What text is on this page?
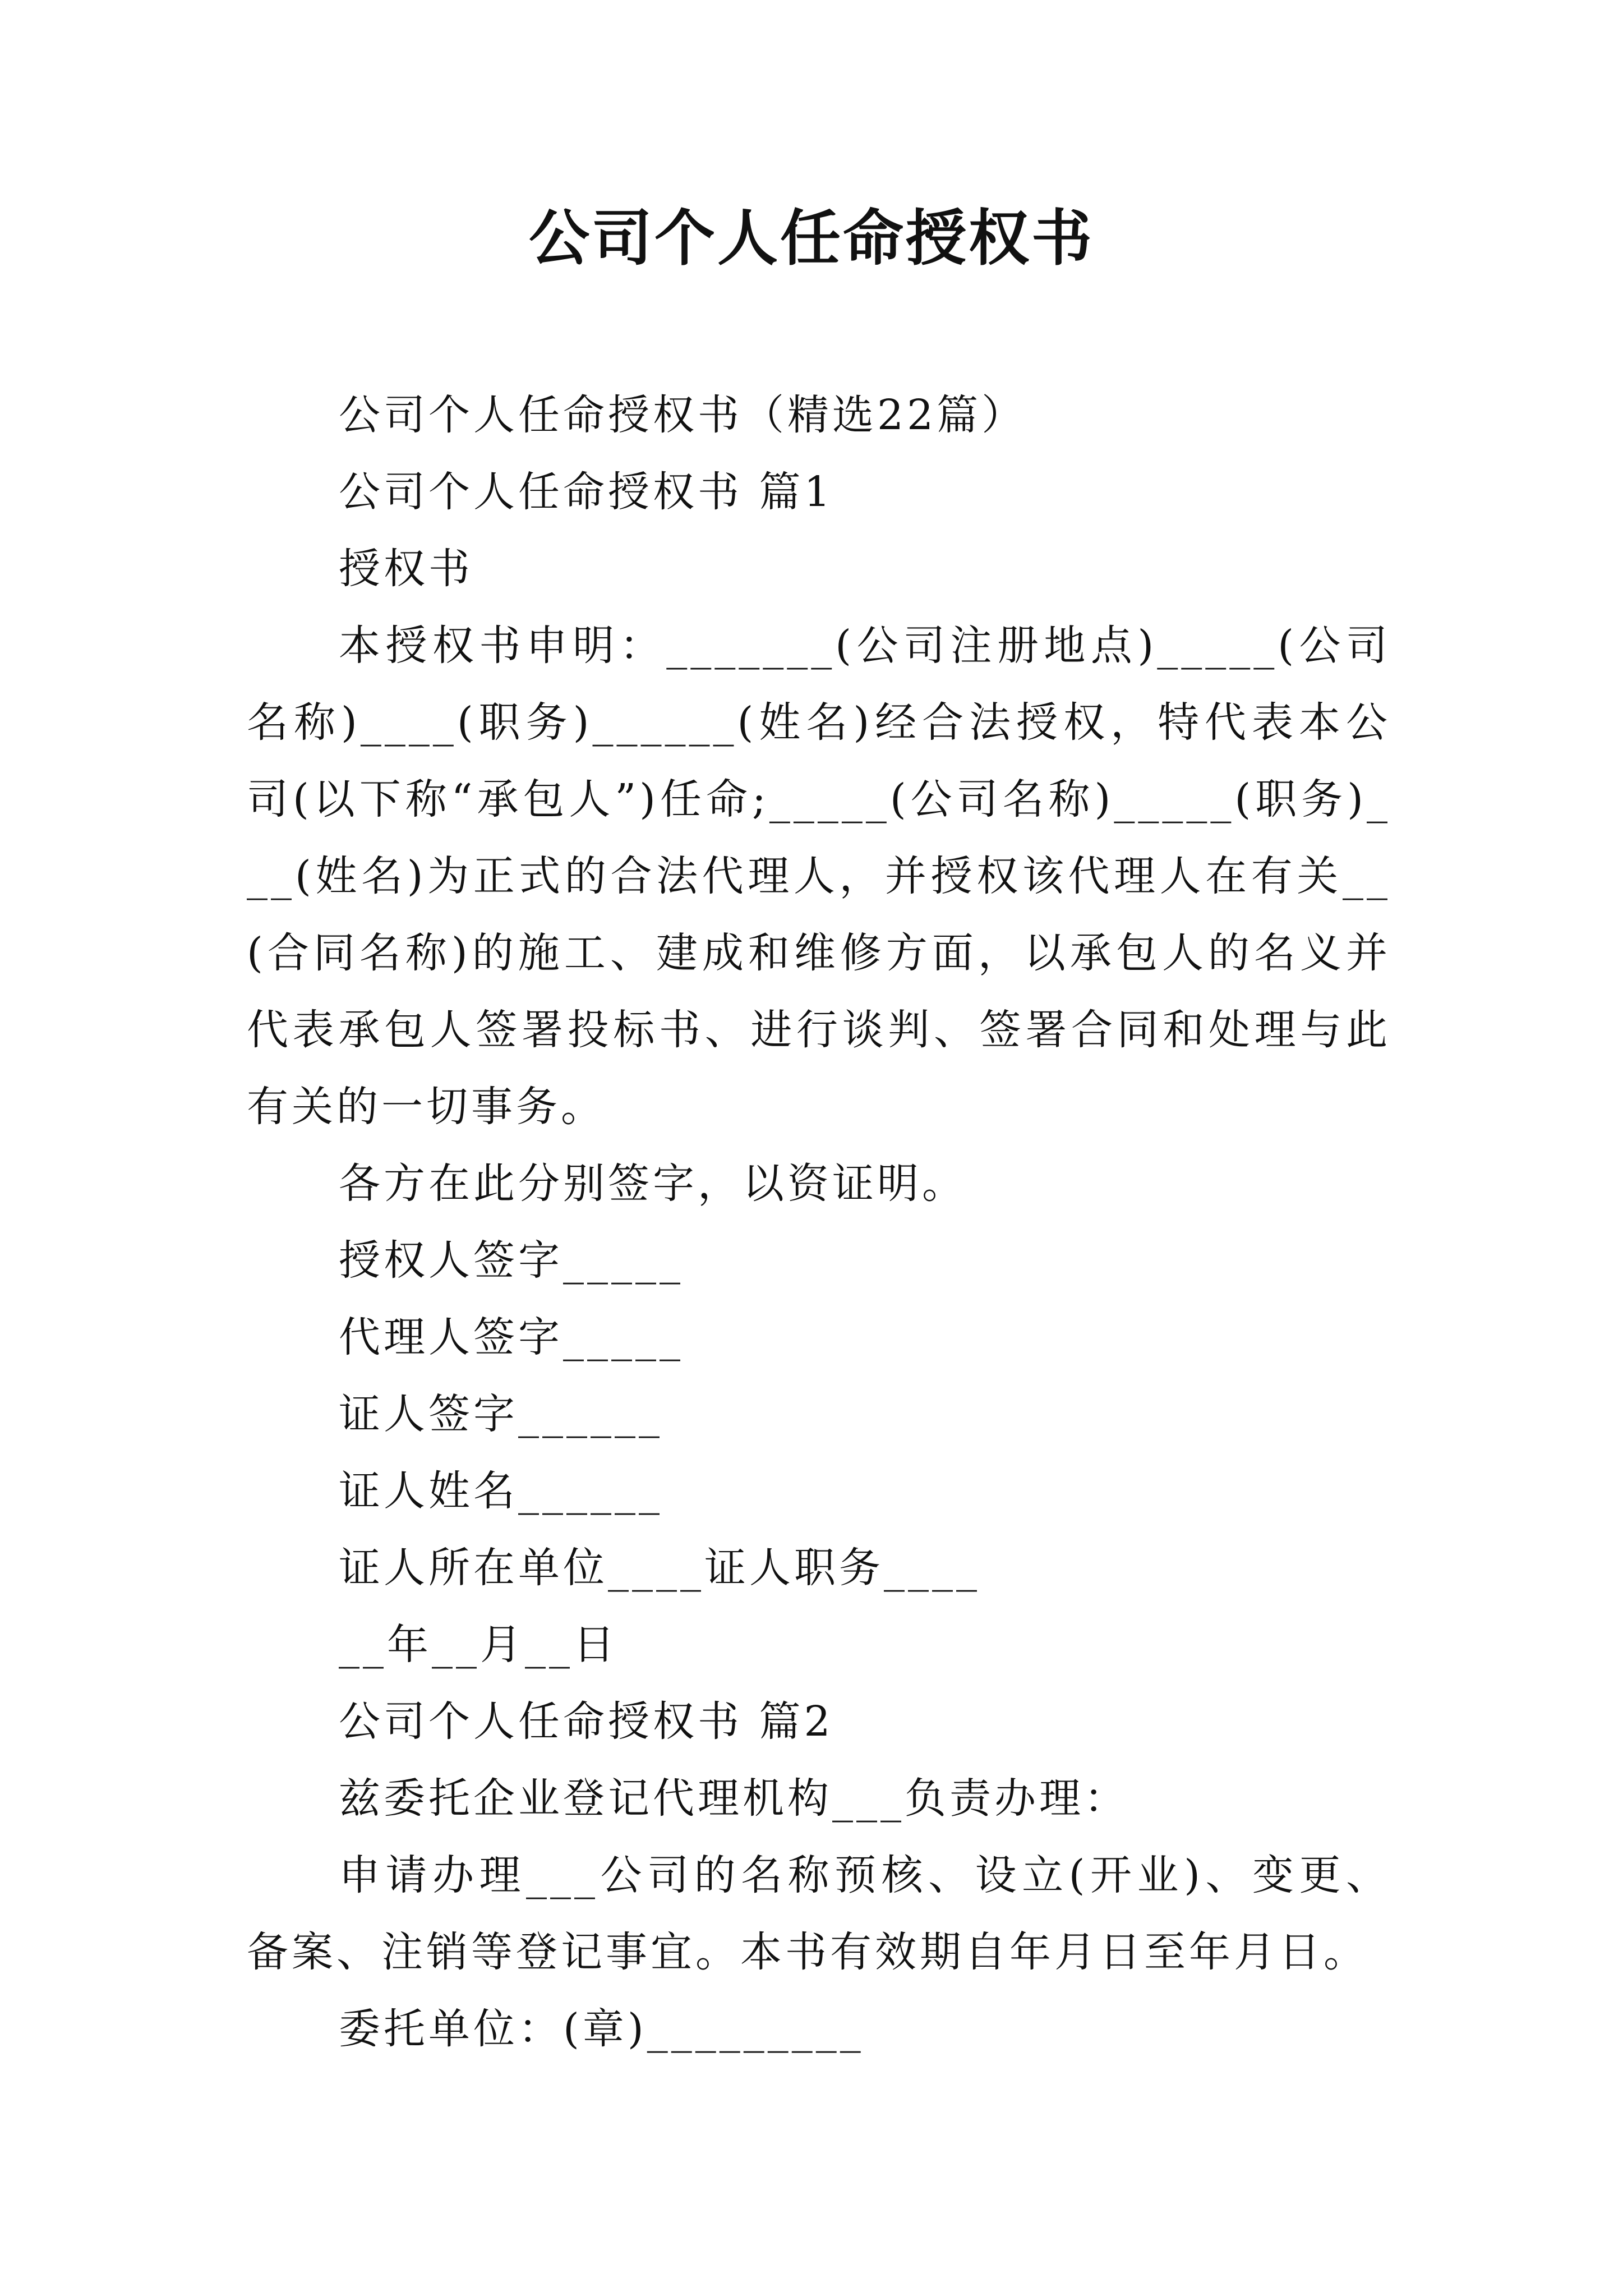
公司个人任命授权书

公司个人任命授权书（精选22篇）

公司个人任命授权书 篇1

授权书

本授权书申明：_______(公司注册地点)_____(公司名称)____(职务)______(姓名)经合法授权，特代表本公司(以下称“承包人”)任命;_____(公司名称)_____(职务)___(姓名)为正式的合法代理人，并授权该代理人在有关__(合同名称)的施工、建成和维修方面，以承包人的名义并代表承包人签署投标书、进行谈判、签署合同和处理与此有关的一切事务。

各方在此分别签字，以资证明。

授权人签字_____

代理人签字_____

证人签字______

证人姓名______

证人所在单位____证人职务____

__年__月__日

公司个人任命授权书 篇2

兹委托企业登记代理机构___负责办理：

申请办理___公司的名称预核、设立(开业)、变更、备案、注销等登记事宜。本书有效期自年月日至年月日。

委托单位：(章)_________
